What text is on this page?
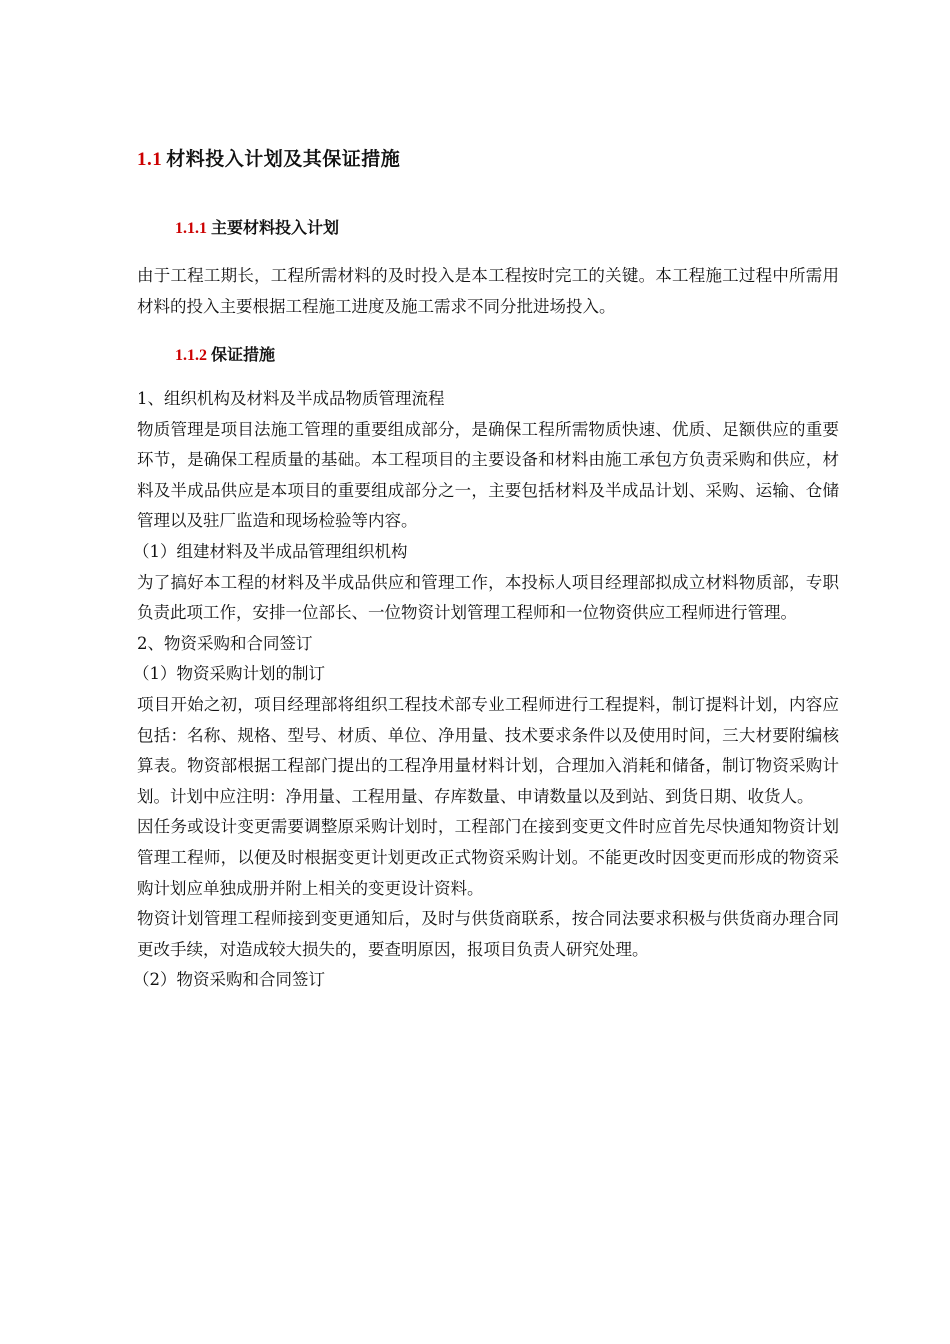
1.1 材料投入计划及其保证措施
1.1.1 主要材料投入计划

由于工程工期长，工程所需材料的及时投入是本工程按时完工的关键。本工程施工过程中所需用材料的投入主要根据工程施工进度及施工需求不同分批进场投入。

1.1.2 保证措施

1、组织机构及材料及半成品物质管理流程

物质管理是项目法施工管理的重要组成部分，是确保工程所需物质快速、优质、足额供应的重要环节，是确保工程质量的基础。本工程项目的主要设备和材料由施工承包方负责采购和供应，材料及半成品供应是本项目的重要组成部分之一，主要包括材料及半成品计划、采购、运输、仓储管理以及驻厂监造和现场检验等内容。

（1）组建材料及半成品管理组织机构

为了搞好本工程的材料及半成品供应和管理工作，本投标人项目经理部拟成立材料物质部，专职负责此项工作，安排一位部长、一位物资计划管理工程师和一位物资供应工程师进行管理。

2、物资采购和合同签订

（1）物资采购计划的制订

项目开始之初，项目经理部将组织工程技术部专业工程师进行工程提料，制订提料计划，内容应包括：名称、规格、型号、材质、单位、净用量、技术要求条件以及使用时间，三大材要附编核算表。物资部根据工程部门提出的工程净用量材料计划，合理加入消耗和储备，制订物资采购计划。计划中应注明：净用量、工程用量、存库数量、申请数量以及到站、到货日期、收货人。

因任务或设计变更需要调整原采购计划时，工程部门在接到变更文件时应首先尽快通知物资计划管理工程师，以便及时根据变更计划更改正式物资采购计划。不能更改时因变更而形成的物资采购计划应单独成册并附上相关的变更设计资料。

物资计划管理工程师接到变更通知后，及时与供货商联系，按合同法要求积极与供货商办理合同更改手续，对造成较大损失的，要查明原因，报项目负责人研究处理。

（2）物资采购和合同签订
